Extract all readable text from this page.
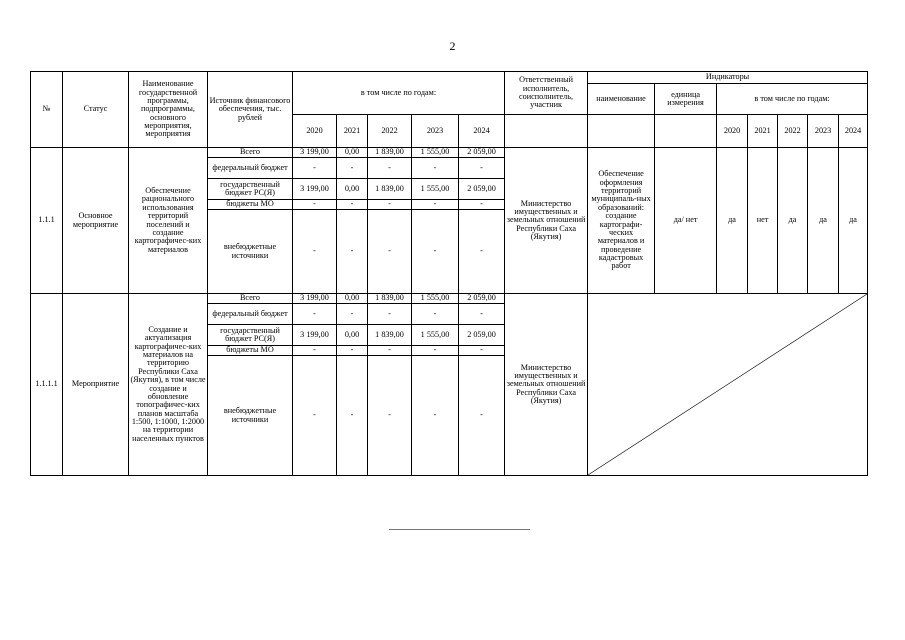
2
№	Статус	Наименование государственной программы, подпрограммы, основного мероприятия, мероприятия	Источник финансового обеспечения, тыс. рублей	в том числе по годам:					Ответственный исполнитель, соисполнитель, участник	Индикаторы						
										наименование	единица измерения	в том числе по годам:				
				2020	2021	2022	2023	2024				2020	2021	2022	2023	2024
1.1.1	Основное мероприятие	Обеспечение рационального использования территорий поселений и создание картографичес-ких материалов	Всего	3 199,00	0,00	1 839,00	1 555,00	2 059,00	Министерство имущественных и земельных отношений Республики Саха (Якутия)	Обеспечение оформления территорий муниципаль-ных образований: создание картографи-ческих материалов и проведение кадастровых работ	да/ нет	да	нет	да	да	да
			федеральный бюджет	-	-	-	-	-								
			государственный бюджет РС(Я)	3 199,00	0,00	1 839,00	1 555,00	2 059,00								
			бюджеты МО	-	-	-	-	-								
			внебюджетные источники	-	-	-	-	-								
1.1.1.1	Мероприятие	Создание и актуализация картографичес-ких материалов на территорию Республики Саха (Якутия), в том числе создание и обновление топографичес-ких планов масштаба 1:500, 1:1000, 1:2000 на территории населенных пунктов	Всего	3 199,00	0,00	1 839,00	1 555,00	2 059,00	Министерство имущественных и земельных отношений Республики Саха (Якутия)	

			федеральный бюджет	-	-	-	-	-								
			государственный бюджет РС(Я)	3 199,00	0,00	1 839,00	1 555,00	2 059,00								
			бюджеты МО	-	-	-	-	-								
			внебюджетные источники	-	-	-	-	-								
